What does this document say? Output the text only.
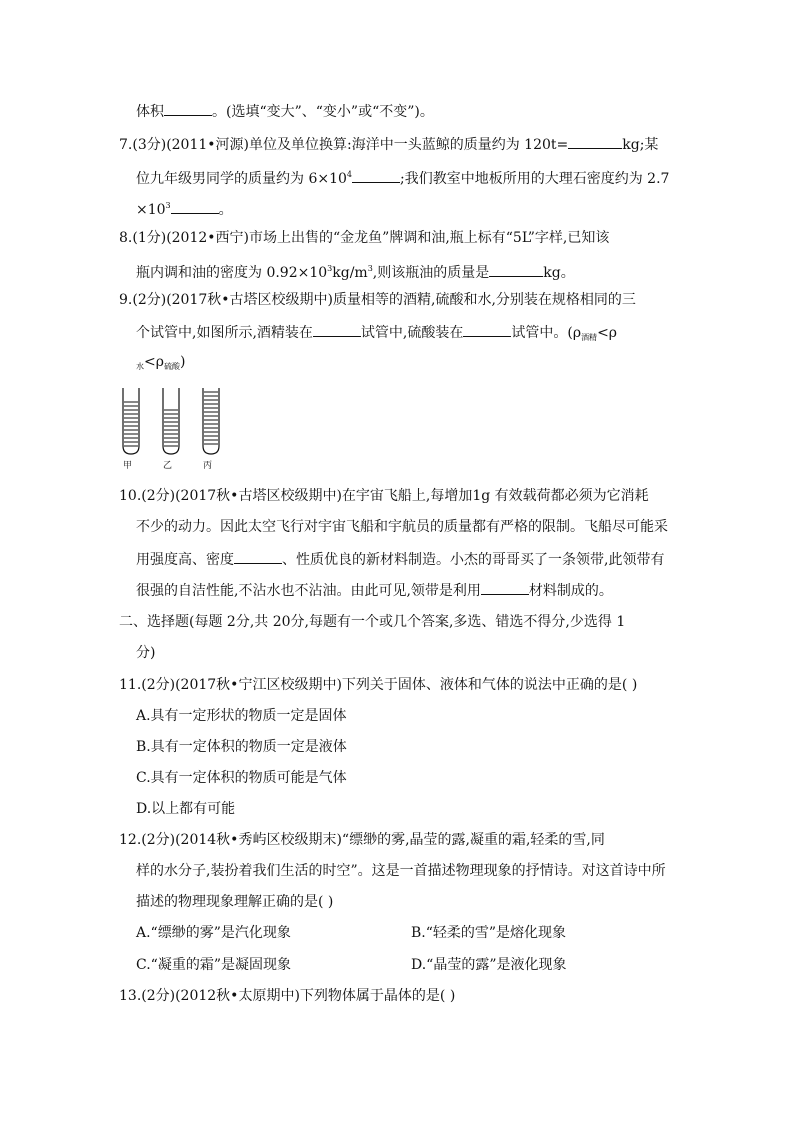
体积	。(选填“变大”、“变小”或“不变”)。
7.(3分)(2011•河源)单位及单位换算:海洋中一头蓝鲸的质量约为 120t=	kg;某
位九年级男同学的质量约为 $6\times 10^4$	;我们教室中地板所用的大理石密度约为 2.7
$\times 10^3$	。
8.(1分)(2012•西宁)市场上出售的“金龙鱼”牌调和油,瓶上标有“5L”字样,已知该
瓶内调和油的密度为 $0.92\times 10^3kg/m^3$,则该瓶油的质量是	kg。
9.(2分)(2017秋•古塔区校级期中)质量相等的酒精,硫酸和水,分别装在规格相同的三
个试管中,如图所示,酒精装在	试管中,硫酸装在	试管中。($\rho_{酒精}<\rho$
$_水<\rho_{硫酸}$)
甲	乙	丙
10.(2分)(2017秋•古塔区校级期中)在宇宙飞船上,每增加1g 有效载荷都必须为它消耗
不少的动力。因此太空飞行对宇宙飞船和宇航员的质量都有严格的限制。飞船尽可能采
用强度高、密度	、性质优良的新材料制造。小杰的哥哥买了一条领带,此领带有
很强的自洁性能,不沾水也不沾油。由此可见,领带是利用	材料制成的。
二、选择题(每题 2分,共 20分,每题有一个或几个答案,多选、错选不得分,少选得 1
分)
11.(2分)(2017秋•宁江区校级期中)下列关于固体、液体和气体的说法中正确的是( )
A.具有一定形状的物质一定是固体
B.具有一定体积的物质一定是液体
C.具有一定体积的物质可能是气体
D.以上都有可能
12.(2分)(2014秋•秀屿区校级期末)“缥缈的雾,晶莹的露,凝重的霜,轻柔的雪,同
样的水分子,装扮着我们生活的时空”。这是一首描述物理现象的抒情诗。对这首诗中所
描述的物理现象理解正确的是( )
A.“缥缈的雾”是汽化现象	B.“轻柔的雪”是熔化现象
C.“凝重的霜”是凝固现象	D.“晶莹的露”是液化现象
13.(2分)(2012秋•太原期中)下列物体属于晶体的是( )
